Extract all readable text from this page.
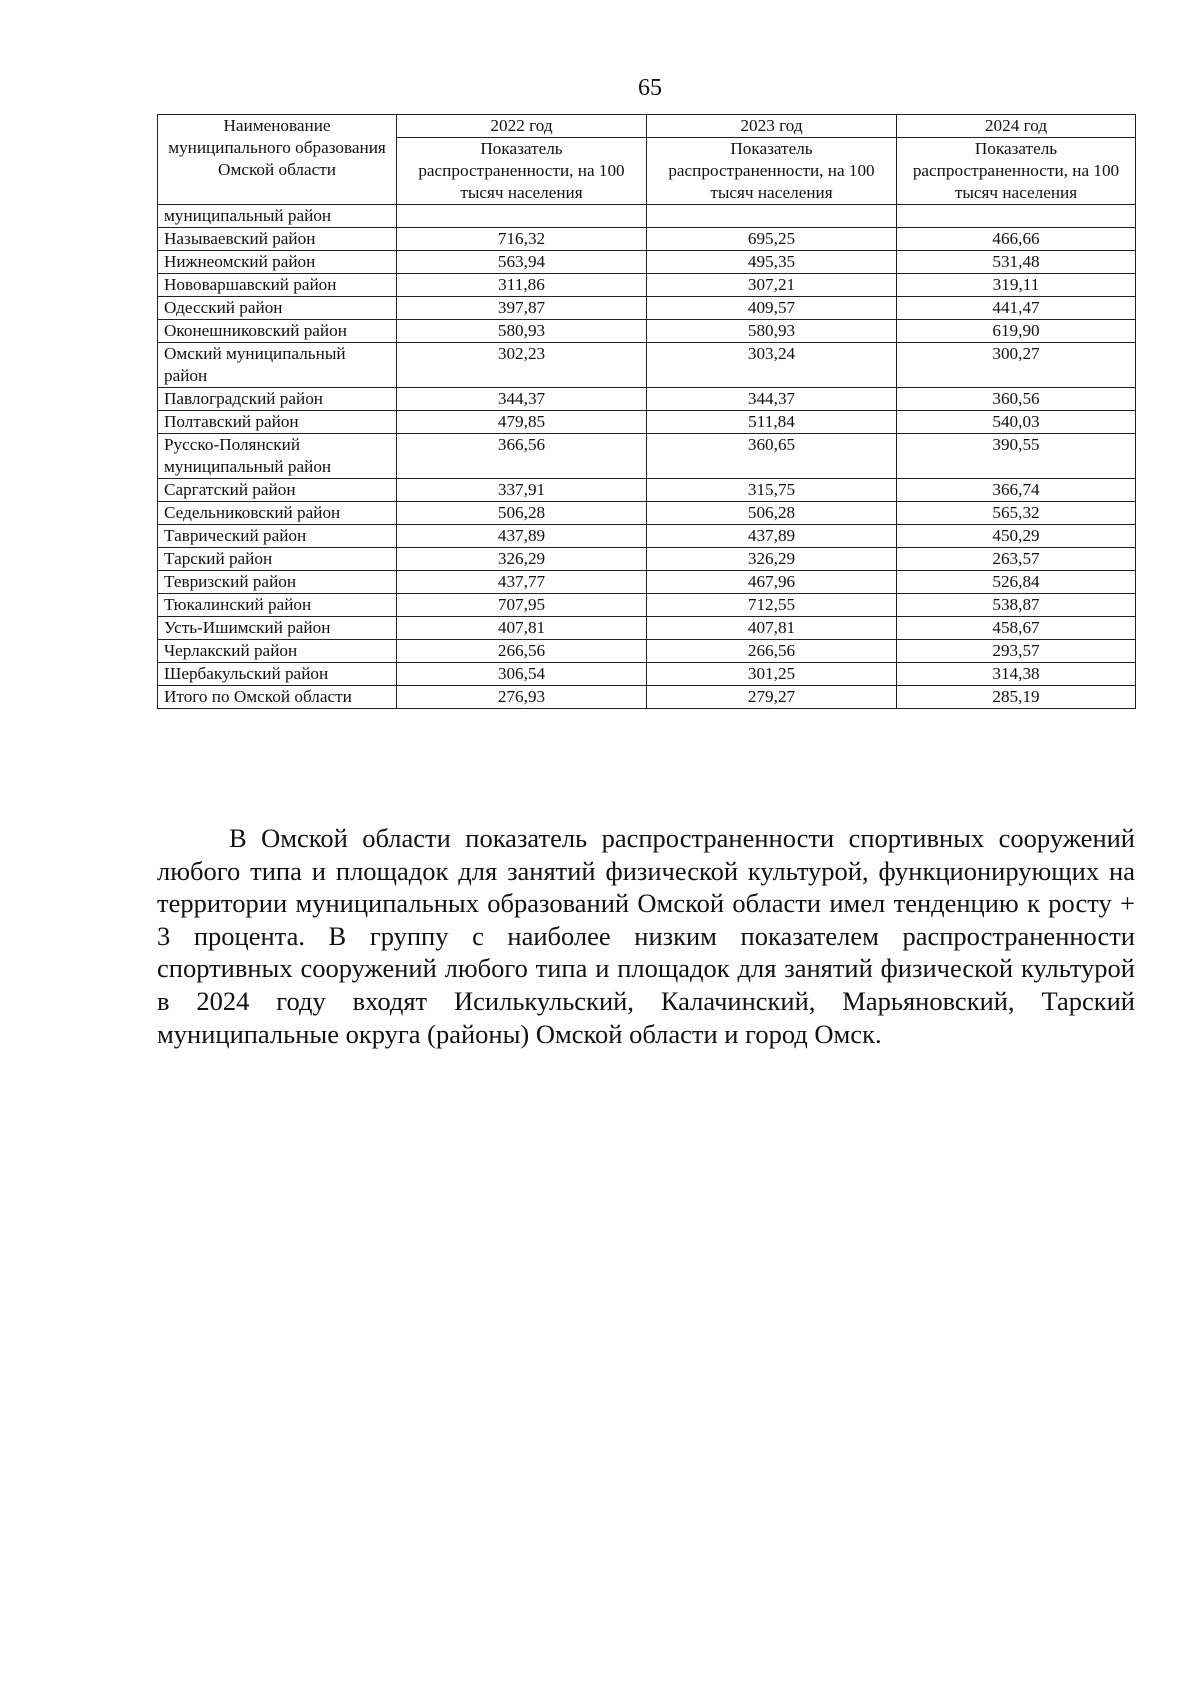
65
Наименование муниципального образования Омской области	2022 год	2023 год	2024 год
	Показатель распространенности, на 100 тысяч населения	Показатель распространенности, на 100 тысяч населения	Показатель распространенности, на 100 тысяч населения
муниципальный район			
Называевский район	716,32	695,25	466,66
Нижнеомский район	563,94	495,35	531,48
Нововаршавский район	311,86	307,21	319,11
Одесский район	397,87	409,57	441,47
Оконешниковский район	580,93	580,93	619,90
Омский муниципальный район	302,23	303,24	300,27
Павлоградский район	344,37	344,37	360,56
Полтавский район	479,85	511,84	540,03
Русско-Полянский муниципальный район	366,56	360,65	390,55
Саргатский район	337,91	315,75	366,74
Седельниковский район	506,28	506,28	565,32
Таврический район	437,89	437,89	450,29
Тарский район	326,29	326,29	263,57
Тевризский район	437,77	467,96	526,84
Тюкалинский район	707,95	712,55	538,87
Усть-Ишимский район	407,81	407,81	458,67
Черлакский район	266,56	266,56	293,57
Шербакульский район	306,54	301,25	314,38
Итого по Омской области	276,93	279,27	285,19

В Омской области показатель распространенности спортивных сооружений любого типа и площадок для занятий физической культурой, функционирующих на территории муниципальных образований Омской области имел тенденцию к росту + 3 процента. В группу с наиболее низким показателем распространенности спортивных сооружений любого типа и площадок для занятий физической культурой в 2024 году входят Исилькульский, Калачинский, Марьяновский, Тарский муниципальные округа (районы) Омской области и город Омск.
